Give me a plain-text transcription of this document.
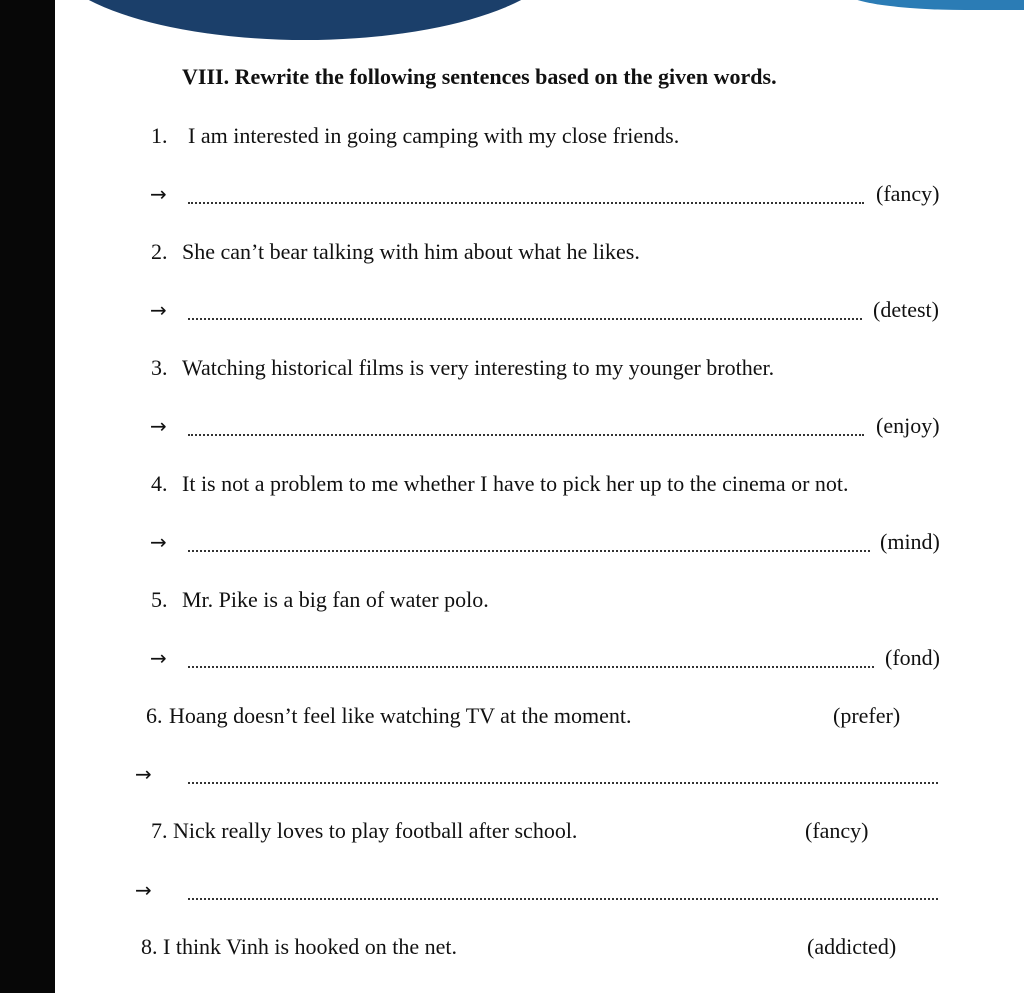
VIII. Rewrite the following sentences based on the given words.
1. I am interested in going camping with my close friends.
→	(fancy)
2. She can’t bear talking with him about what he likes.
→	(detest)
3. Watching historical films is very interesting to my younger brother.
→	(enjoy)
4. It is not a problem to me whether I have to pick her up to the cinema or not.
→	(mind)
5. Mr. Pike is a big fan of water polo.
→	(fond)
6. Hoang doesn’t feel like watching TV at the moment.	(prefer)
→
7. Nick really loves to play football after school.	(fancy)
→
8. I think Vinh is hooked on the net.	(addicted)
